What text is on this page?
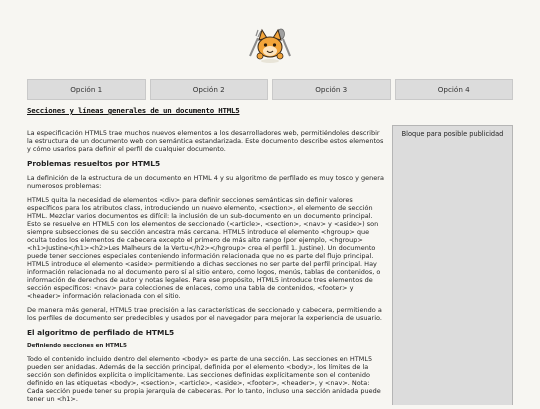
Opción 1	Opción 2	Opción 3	Opción 4
Secciones y líneas generales de un documento HTML5

La especificación HTML5 trae muchos nuevos elementos a los desarrolladores web, permitiéndoles describir la estructura de un documento web con semántica estandarizada. Este documento describe estos elementos y cómo usarlos para definir el perfil de cualquier documento.

Problemas resueltos por HTML5

La definición de la estructura de un documento en HTML 4 y su algoritmo de perfilado es muy tosco y genera numerosos problemas:

HTML5 quita la necesidad de elementos <div> para definir secciones semánticas sin definir valores específicos para los atributos class, introduciendo un nuevo elemento, <section>, el elemento de sección HTML. Mezclar varios documentos es difícil: la inclusión de un sub-documento en un documento principal. Esto se resuelve en HTML5 con los elementos de seccionado (<article>, <section>, <nav> y <aside>) son siempre subsecciones de su sección ancestra más cercana. HTML5 introduce el elemento <hgroup> que oculta todos los elementos de cabecera excepto el primero de más alto rango (por ejemplo, <hgroup><h1>Justine</h1><h2>Les Malheurs de la Vertu</h2></hgroup> crea el perfil 1. Justine). Un documento puede tener secciones especiales conteniendo información relacionada que no es parte del flujo principal. HTML5 introduce el elemento <aside> permitiendo a dichas secciones no ser parte del perfil principal. Hay información relacionada no al documento pero sí al sitio entero, como logos, menús, tablas de contenidos, o información de derechos de autor y notas legales. Para ese propósito, HTML5 introduce tres elementos de sección específicos: <nav> para colecciones de enlaces, como una tabla de contenidos, <footer> y <header> información relacionada con el sitio.

De manera más general, HTML5 trae precisión a las características de seccionado y cabecera, permitiendo a los perfiles de documento ser predecibles y usados por el navegador para mejorar la experiencia de usuario.

El algoritmo de perfilado de HTML5
Definiendo secciones en HTML5

Todo el contenido incluido dentro del elemento <body> es parte de una sección. Las secciones en HTML5 pueden ser anidadas. Además de la sección principal, definida por el elemento <body>, los límites de la sección son definidos explícita o implícitamente. Las secciones definidas explícitamente son el contenido definido en las etiquetas <body>, <section>, <article>, <aside>, <footer>, <header>, y <nav>. Nota: Cada sección puede tener su propia jerarquía de cabeceras. Por lo tanto, incluso una sección anidada puede tener un <h1>.

Bloque para posible publicidad
